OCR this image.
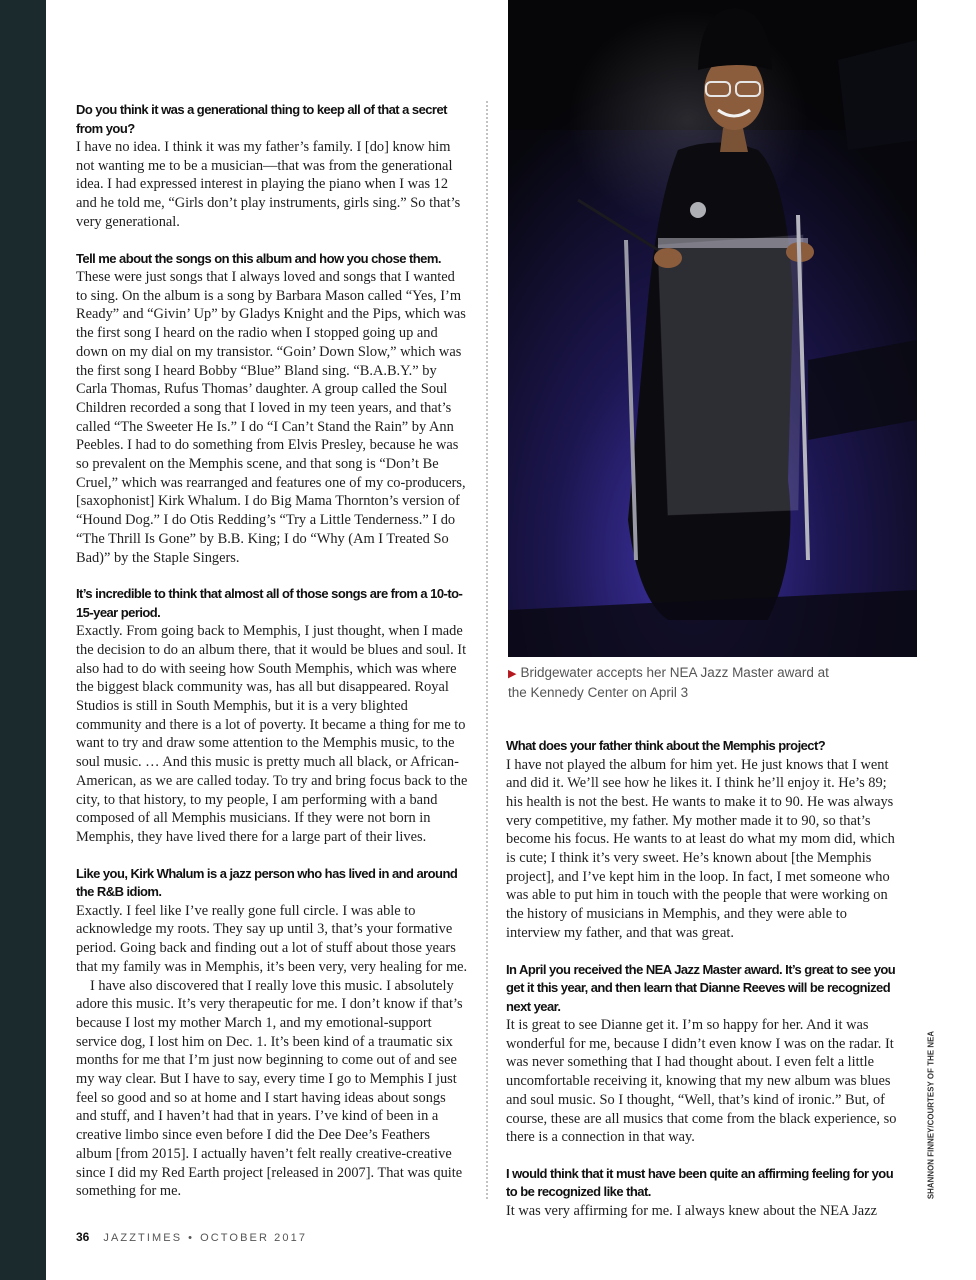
Do you think it was a generational thing to keep all of that a secret from you?

I have no idea. I think it was my father’s family. I [do] know him not wanting me to be a musician—that was from the generational idea. I had expressed interest in playing the piano when I was 12 and he told me, “Girls don’t play instruments, girls sing.” So that’s very generational.

Tell me about the songs on this album and how you chose them.

These were just songs that I always loved and songs that I wanted to sing. On the album is a song by Barbara Mason called “Yes, I’m Ready” and “Givin’ Up” by Gladys Knight and the Pips, which was the first song I heard on the radio when I stopped going up and down on my dial on my transistor. “Goin’ Down Slow,” which was the first song I heard Bobby “Blue” Bland sing. “B.A.B.Y.” by Carla Thomas, Rufus Thomas’ daughter. A group called the Soul Children recorded a song that I loved in my teen years, and that’s called “The Sweeter He Is.” I do “I Can’t Stand the Rain” by Ann Peebles. I had to do something from Elvis Presley, because he was so prevalent on the Memphis scene, and that song is “Don’t Be Cruel,” which was rearranged and features one of my co-producers, [saxophonist] Kirk Whalum. I do Big Mama Thornton’s version of “Hound Dog.” I do Otis Redding’s “Try a Little Tenderness.” I do “The Thrill Is Gone” by B.B. King; I do “Why (Am I Treated So Bad)” by the Staple Singers.

It’s incredible to think that almost all of those songs are from a 10-to-15-year period.

Exactly. From going back to Memphis, I just thought, when I made the decision to do an album there, that it would be blues and soul. It also had to do with seeing how South Memphis, which was where the biggest black community was, has all but disappeared. Royal Studios is still in South Memphis, but it is a very blighted community and there is a lot of poverty. It became a thing for me to want to try and draw some attention to the Memphis music, to the soul music. … And this music is pretty much all black, or African-American, as we are called today. To try and bring focus back to the city, to that history, to my people, I am performing with a band composed of all Memphis musicians. If they were not born in Memphis, they have lived there for a large part of their lives.

Like you, Kirk Whalum is a jazz person who has lived in and around the R&B idiom.

Exactly. I feel like I’ve really gone full circle. I was able to acknowledge my roots. They say up until 3, that’s your formative period. Going back and finding out a lot of stuff about those years that my family was in Memphis, it’s been very, very healing for me.

I have also discovered that I really love this music. I absolutely adore this music. It’s very therapeutic for me. I don’t know if that’s because I lost my mother March 1, and my emotional-support service dog, I lost him on Dec. 1. It’s been kind of a traumatic six months for me that I’m just now beginning to come out of and see my way clear. But I have to say, every time I go to Memphis I just feel so good and so at home and I start having ideas about songs and stuff, and I haven’t had that in years. I’ve kind of been in a creative limbo since even before I did the Dee Dee’s Feathers album [from 2015]. I actually haven’t felt really creative-creative since I did my Red Earth project [released in 2007]. That was quite something for me.

▶ Bridgewater accepts her NEA Jazz Master award at the Kennedy Center on April 3

What does your father think about the Memphis project?

I have not played the album for him yet. He just knows that I went and did it. We’ll see how he likes it. I think he’ll enjoy it. He’s 89; his health is not the best. He wants to make it to 90. He was always very competitive, my father. My mother made it to 90, so that’s become his focus. He wants to at least do what my mom did, which is cute; I think it’s very sweet. He’s known about [the Memphis project], and I’ve kept him in the loop. In fact, I met someone who was able to put him in touch with the people that were working on the history of musicians in Memphis, and they were able to interview my father, and that was great.

In April you received the NEA Jazz Master award. It’s great to see you get it this year, and then learn that Dianne Reeves will be recognized next year.

It is great to see Dianne get it. I’m so happy for her. And it was wonderful for me, because I didn’t even know I was on the radar. It was never something that I had thought about. I even felt a little uncomfortable receiving it, knowing that my new album was blues and soul music. So I thought, “Well, that’s kind of ironic.” But, of course, these are all musics that come from the black experience, so there is a connection in that way.

I would think that it must have been quite an affirming feeling for you to be recognized like that.

It was very affirming for me. I always knew about the NEA Jazz

SHANNON FINNEY/COURTESY OF THE NEA
36 JAZZTIMES • OCTOBER 2017
